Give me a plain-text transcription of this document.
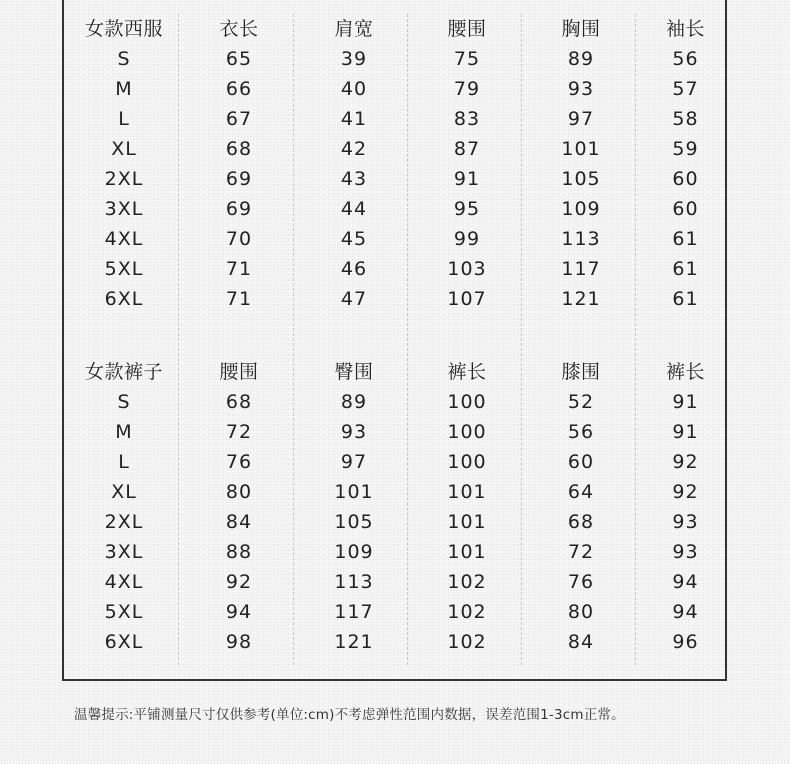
女款西服	衣长	肩宽	腰围	胸围	袖长
S	65	39	75	89	56
M	66	40	79	93	57
L	67	41	83	97	58
XL	68	42	87	101	59
2XL	69	43	91	105	60
3XL	69	44	95	109	60
4XL	70	45	99	113	61
5XL	71	46	103	117	61
6XL	71	47	107	121	61
女款裤子	腰围	臀围	裤长	膝围	裤长
S	68	89	100	52	91
M	72	93	100	56	91
L	76	97	100	60	92
XL	80	101	101	64	92
2XL	84	105	101	68	93
3XL	88	109	101	72	93
4XL	92	113	102	76	94
5XL	94	117	102	80	94
6XL	98	121	102	84	96
温馨提示:平铺测量尺寸仅供参考(单位:cm)不考虑弹性范围内数据，误差范围1-3cm正常。
